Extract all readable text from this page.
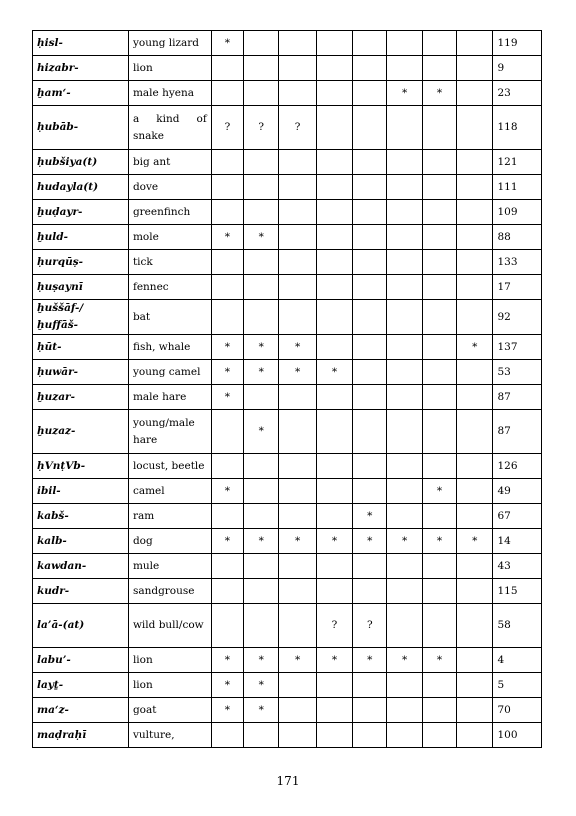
ḥisl-	young lizard	*								119
hizabr-	lion									9
ḫam‘-	male hyena						*	*		23
ḥubāb-	a kind of snake	?	?	?						118
ḥubšiya(t)	big ant									121
hudayla(t)	dove									111
ḫuḍayr-	greenfinch									109
ḫuld-	mole	*	*							88
ḥurqūṣ-	tick									133
ḥuṣaynī	fennec									17
ḫuššāf-/ḫuffāš-	bat									92
ḥūt-	fish, whale	*	*	*					*	137
ḥuwār-	young camel	*	*	*	*					53
ḫuzar-	male hare	*								87
ḫuzaz-	young/male hare		*							87
ḥVnṭVb-	locust, beetle									126
ibil-	camel	*						*		49
kabš-	ram					*				67
kalb-	dog	*	*	*	*	*	*	*	*	14
kawdan-	mule									43
kudr-	sandgrouse									115
la’ā-(at)	wild bull/cow				?	?				58
labu’-	lion	*	*	*	*	*	*	*		4
layṯ-	lion	*	*							5
ma‘z-	goat	*	*							70
maḍraḥī	vulture,									100
171
